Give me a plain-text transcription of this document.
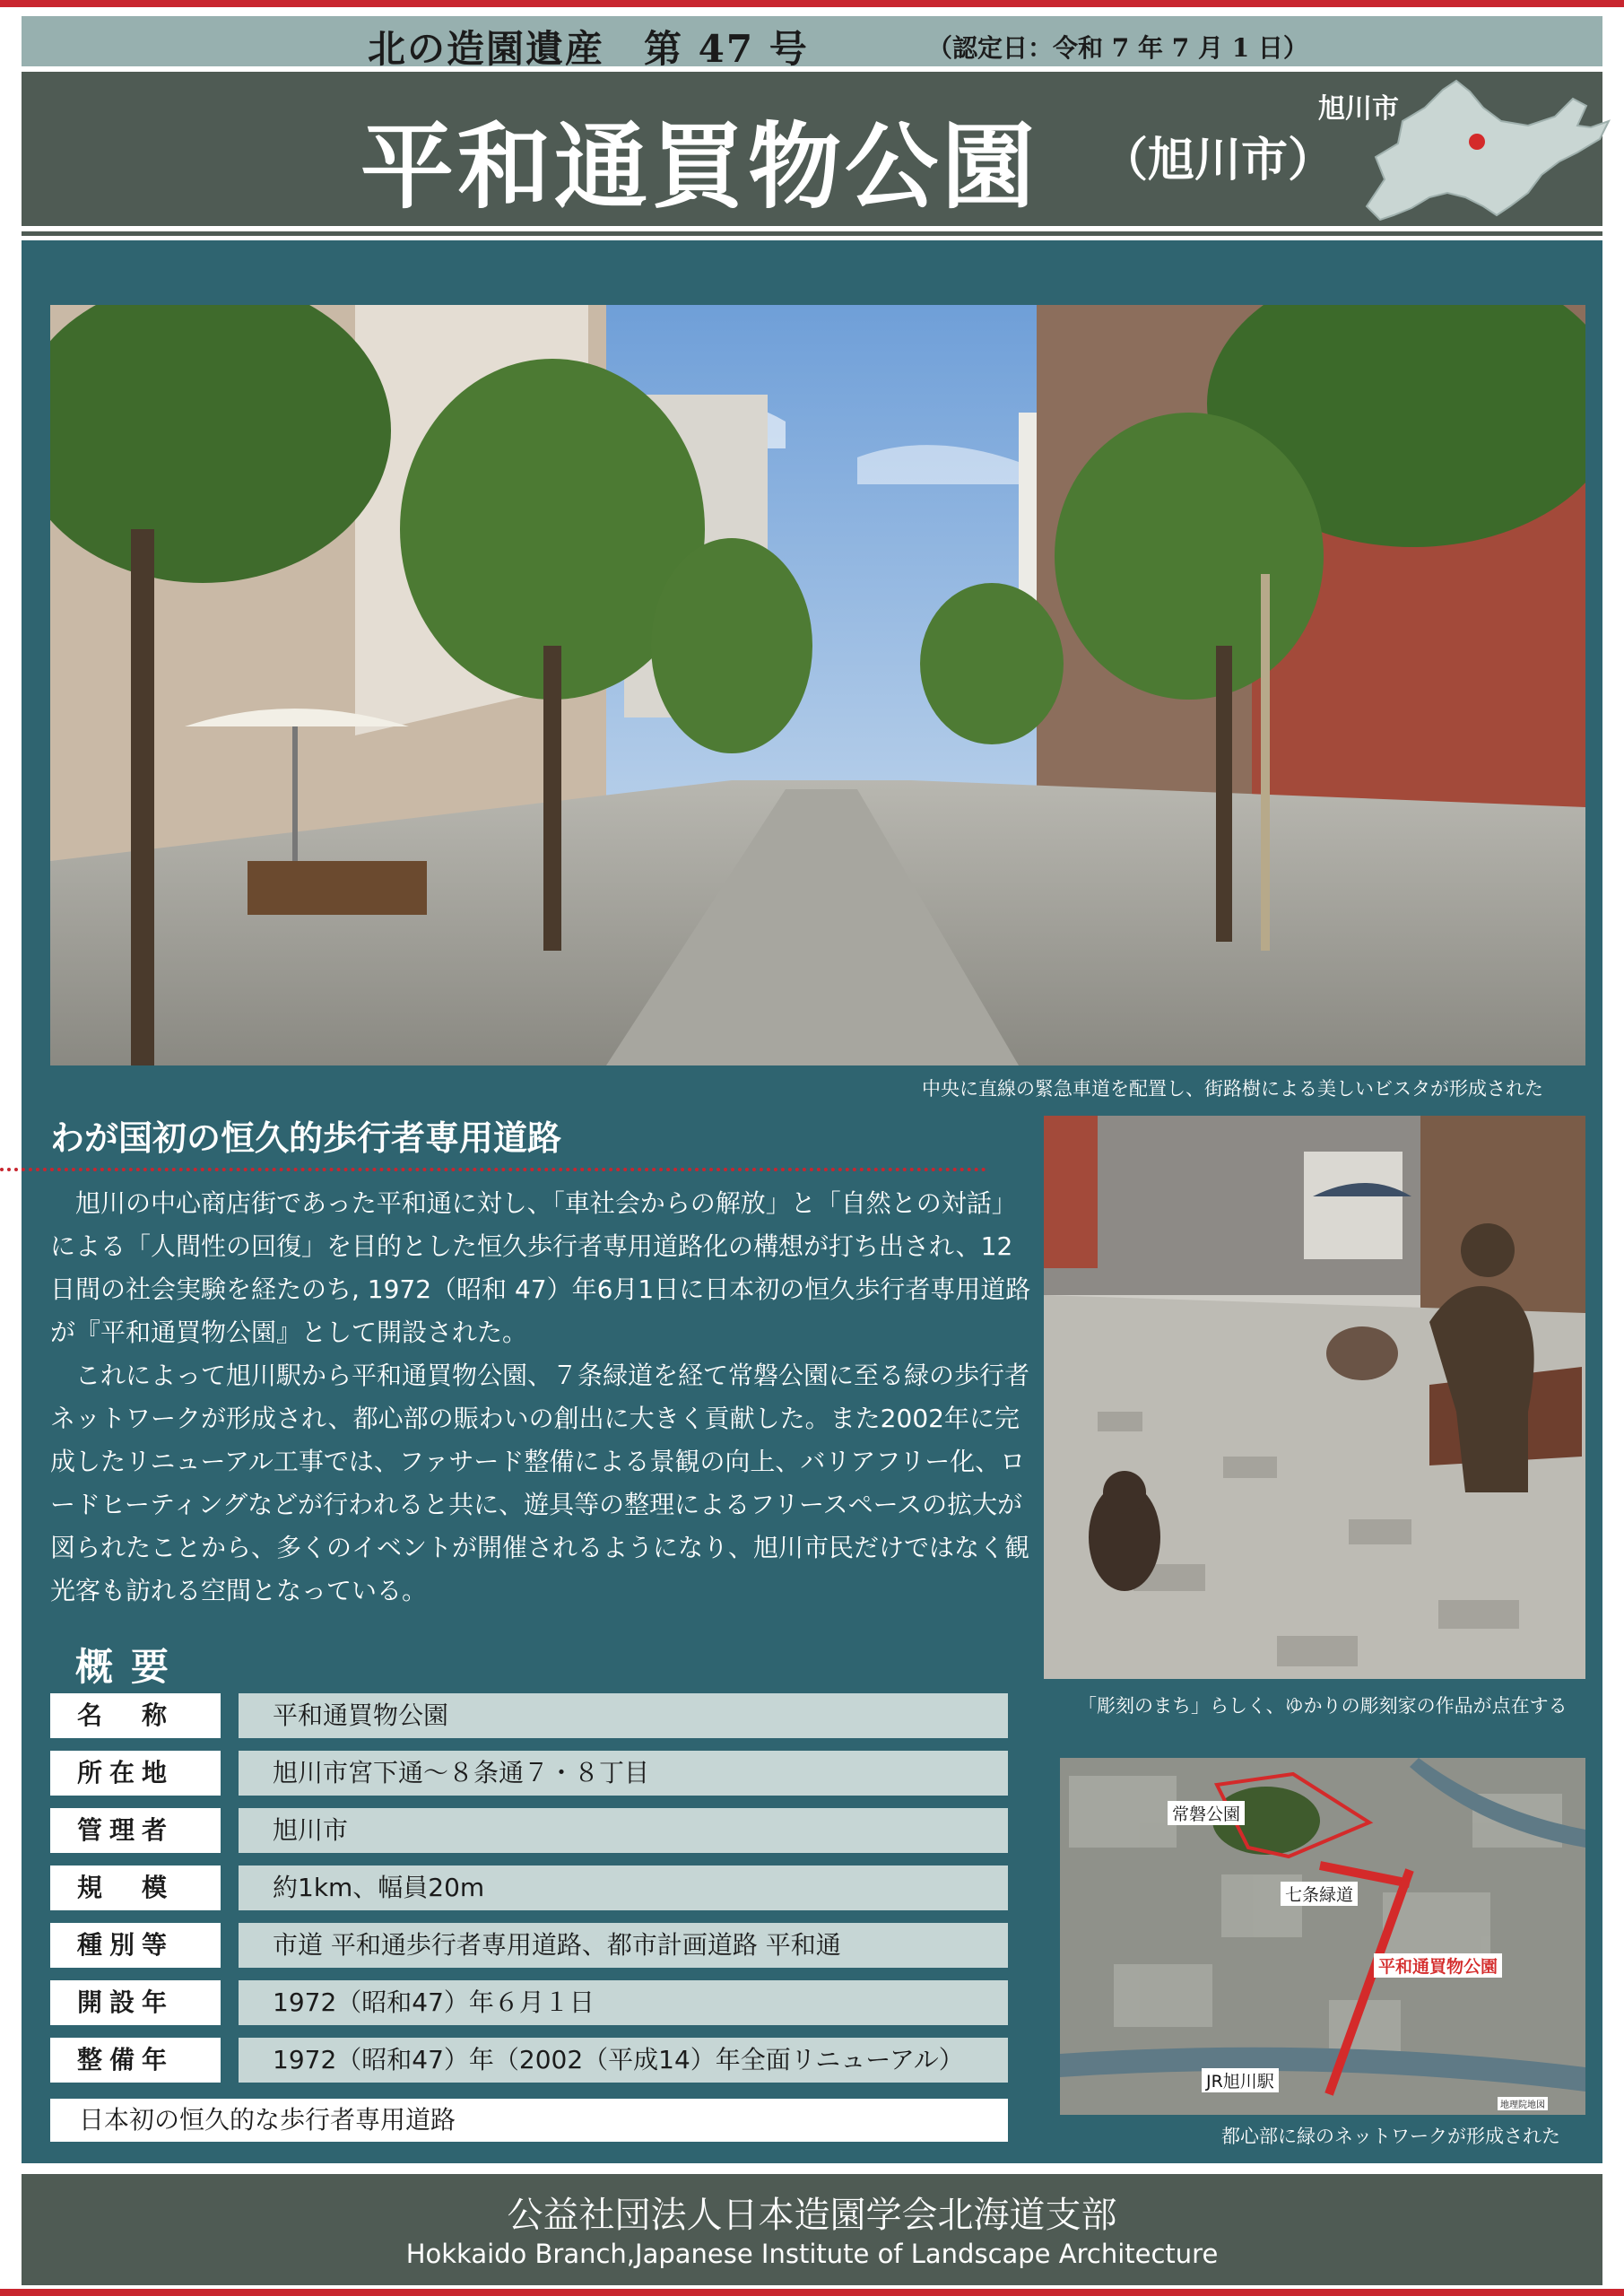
北の造園遺産　第 47 号	（認定日：令和 7 年 7 月 1 日）
平和通買物公園 （旭川市）
旭川市
中央に直線の緊急車道を配置し、街路樹による美しいビスタが形成された
わが国初の恒久的歩行者専用道路

旭川の中心商店街であった平和通に対し、「車社会からの解放」と「自然との対話」による「人間性の回復」を目的とした恒久歩行者専用道路化の構想が打ち出され、12日間の社会実験を経たのち, 1972（昭和 47）年6月1日に日本初の恒久歩行者専用道路が『平和通買物公園』として開設された。

これによって旭川駅から平和通買物公園、７条緑道を経て常磐公園に至る緑の歩行者ネットワークが形成され、都心部の賑わいの創出に大きく貢献した。また2002年に完成したリニューアル工事では、ファサード整備による景観の向上、バリアフリー化、ロードヒーティングなどが行われると共に、遊具等の整理によるフリースペースの拡大が図られたことから、多くのイベントが開催されるようになり、旭川市民だけではなく観光客も訪れる空間となっている。

「彫刻のまち」らしく、ゆかりの彫刻家の作品が点在する
常磐公園
七条緑道
平和通買物公園
JR旭川駅
地理院地図
都心部に緑のネットワークが形成された
概要
名　称	平和通買物公園
所在地	旭川市宮下通～８条通７・８丁目
管理者	旭川市
規　模	約1km、幅員20m
種別等	市道 平和通歩行者専用道路、都市計画道路 平和通
開設年	1972（昭和47）年６月１日
整備年	1972（昭和47）年（2002（平成14）年全面リニューアル）
日本初の恒久的な歩行者専用道路
公益社団法人日本造園学会北海道支部
Hokkaido Branch,Japanese Institute of Landscape Architecture
